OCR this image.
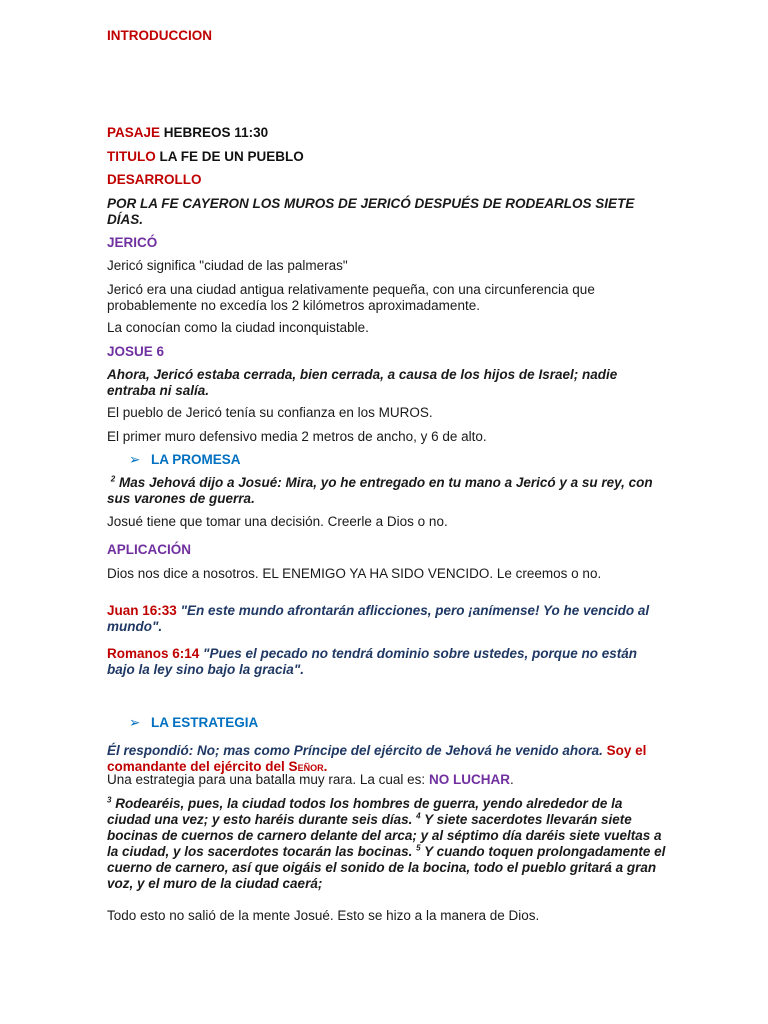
INTRODUCCION
PASAJE HEBREOS 11:30
TITULO LA FE DE UN PUEBLO
DESARROLLO
POR LA FE CAYERON LOS MUROS DE JERICÓ DESPUÉS DE RODEARLOS SIETE DÍAS.
JERICÓ
Jericó significa "ciudad de las palmeras"
Jericó era una ciudad antigua relativamente pequeña, con una circunferencia que probablemente no excedía los 2 kilómetros aproximadamente.
La conocían como la ciudad inconquistable.
JOSUE 6
Ahora, Jericó estaba cerrada, bien cerrada, a causa de los hijos de Israel; nadie entraba ni salía.
El pueblo de Jericó tenía su confianza en los MUROS.
El primer muro defensivo media 2 metros de ancho, y 6 de alto.
➢ LA PROMESA
$^2$ Mas Jehová dijo a Josué: Mira, yo he entregado en tu mano a Jericó y a su rey, con sus varones de guerra.
Josué tiene que tomar una decisión. Creerle a Dios o no.
APLICACIÓN
Dios nos dice a nosotros. EL ENEMIGO YA HA SIDO VENCIDO. Le creemos o no.
Juan 16:33 "En este mundo afrontarán aflicciones, pero ¡anímense! Yo he vencido al mundo".
Romanos 6:14 "Pues el pecado no tendrá dominio sobre ustedes, porque no están bajo la ley sino bajo la gracia".
➢ LA ESTRATEGIA
Él respondió: No; mas como Príncipe del ejército de Jehová he venido ahora. Soy el comandante del ejército del Señor.
Una estrategia para una batalla muy rara. La cual es: NO LUCHAR.
$^3$ Rodearéis, pues, la ciudad todos los hombres de guerra, yendo alrededor de la ciudad una vez; y esto haréis durante seis días. $^4$ Y siete sacerdotes llevarán siete bocinas de cuernos de carnero delante del arca; y al séptimo día daréis siete vueltas a la ciudad, y los sacerdotes tocarán las bocinas. $^5$ Y cuando toquen prolongadamente el cuerno de carnero, así que oigáis el sonido de la bocina, todo el pueblo gritará a gran voz, y el muro de la ciudad caerá;
Todo esto no salió de la mente Josué. Esto se hizo a la manera de Dios.
